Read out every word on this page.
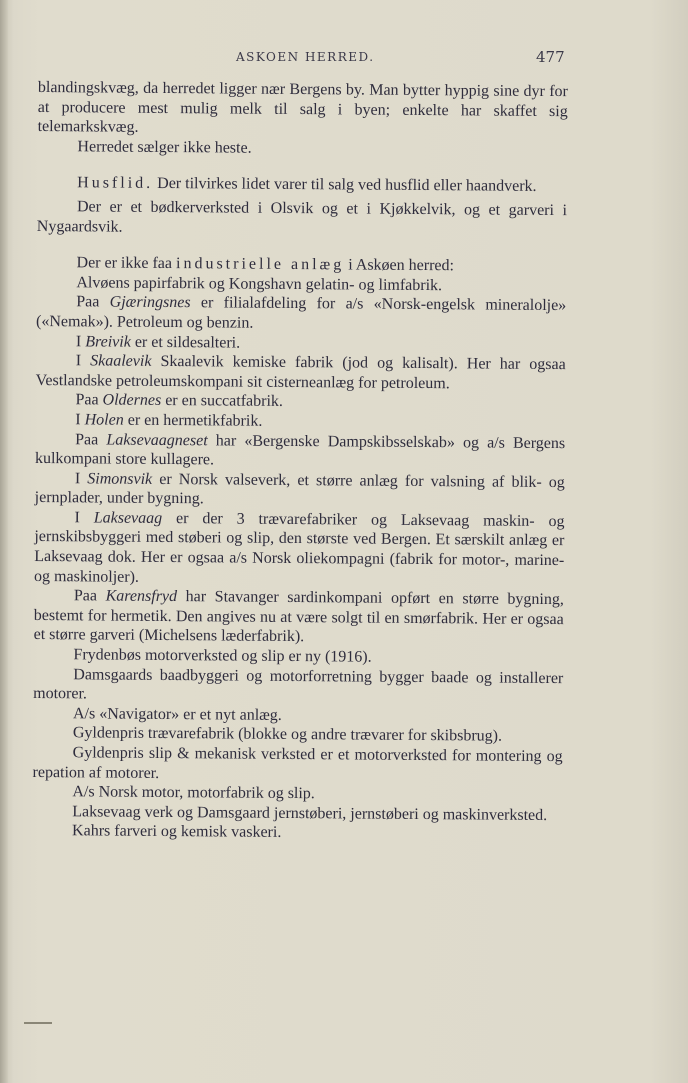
ASKOEN HERRED.	477

blandingskvæg, da herredet ligger nær Bergens by. Man bytter hyppig sine dyr for at producere mest mulig melk til salg i byen; enkelte har skaffet sig telemarkskvæg.

Herredet sælger ikke heste.

Husflid. Der tilvirkes lidet varer til salg ved husflid eller haandverk.

Der er et bødkerverksted i Olsvik og et i Kjøkkelvik, og et garveri i Nygaardsvik.

Der er ikke faa industrielle anlæg i Askøen herred:

Alvøens papirfabrik og Kongshavn gelatin- og limfabrik.

Paa Gjæringsnes er filialafdeling for a/s «Norsk-engelsk mineralolje» («Nemak»). Petroleum og benzin.

I Breivik er et sildesalteri.

I Skaalevik Skaalevik kemiske fabrik (jod og kalisalt). Her har ogsaa Vestlandske petroleumskompani sit cisterneanlæg for petroleum.

Paa Oldernes er en succatfabrik.

I Holen er en hermetikfabrik.

Paa Laksevaagneset har «Bergenske Dampskibsselskab» og a/s Bergens kulkompani store kullagere.

I Simonsvik er Norsk valseverk, et større anlæg for valsning af blik- og jernplader, under bygning.

I Laksevaag er der 3 trævarefabriker og Laksevaag maskin- og jernskibsbyggeri med støberi og slip, den største ved Bergen. Et særskilt anlæg er Laksevaag dok. Her er ogsaa a/s Norsk oliekompagni (fabrik for motor-, marine- og maskinoljer).

Paa Karensfryd har Stavanger sardinkompani opført en større bygning, bestemt for hermetik. Den angives nu at være solgt til en smørfabrik. Her er ogsaa et større garveri (Michelsens læderfabrik).

Frydenbøs motorverksted og slip er ny (1916).

Damsgaards baadbyggeri og motorforretning bygger baade og installerer motorer.

A/s «Navigator» er et nyt anlæg.

Gyldenpris trævarefabrik (blokke og andre trævarer for skibsbrug).

Gyldenpris slip & mekanisk verksted er et motorverksted for montering og repation af motorer.

A/s Norsk motor, motorfabrik og slip.

Laksevaag verk og Damsgaard jernstøberi, jernstøberi og maskinverksted.

Kahrs farveri og kemisk vaskeri.
